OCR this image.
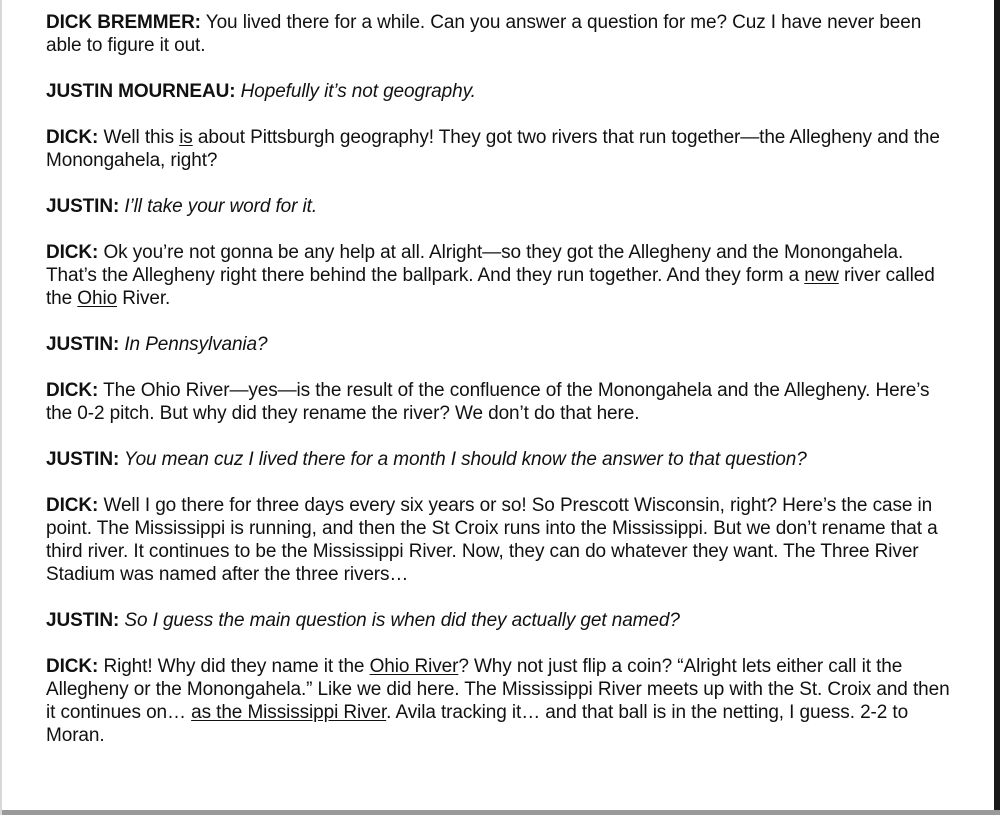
DICK BREMMER: You lived there for a while. Can you answer a question for me? Cuz I have never been able to figure it out.

JUSTIN MOURNEAU: Hopefully it’s not geography.

DICK: Well this is about Pittsburgh geography! They got two rivers that run together—the Allegheny and the Monongahela, right?

JUSTIN: I’ll take your word for it.

DICK: Ok you’re not gonna be any help at all. Alright—so they got the Allegheny and the Monongahela. That’s the Allegheny right there behind the ballpark. And they run together. And they form a new river called the Ohio River.

JUSTIN: In Pennsylvania?

DICK: The Ohio River—yes—is the result of the confluence of the Monongahela and the Allegheny. Here’s the 0-2 pitch. But why did they rename the river? We don’t do that here.

JUSTIN: You mean cuz I lived there for a month I should know the answer to that question?

DICK: Well I go there for three days every six years or so! So Prescott Wisconsin, right? Here’s the case in point. The Mississippi is running, and then the St Croix runs into the Mississippi. But we don’t rename that a third river. It continues to be the Mississippi River. Now, they can do whatever they want. The Three River Stadium was named after the three rivers…

JUSTIN: So I guess the main question is when did they actually get named?

DICK: Right! Why did they name it the Ohio River? Why not just flip a coin? “Alright lets either call it the Allegheny or the Monongahela.” Like we did here. The Mississippi River meets up with the St. Croix and then it continues on… as the Mississippi River. Avila tracking it… and that ball is in the netting, I guess. 2-2 to Moran.
